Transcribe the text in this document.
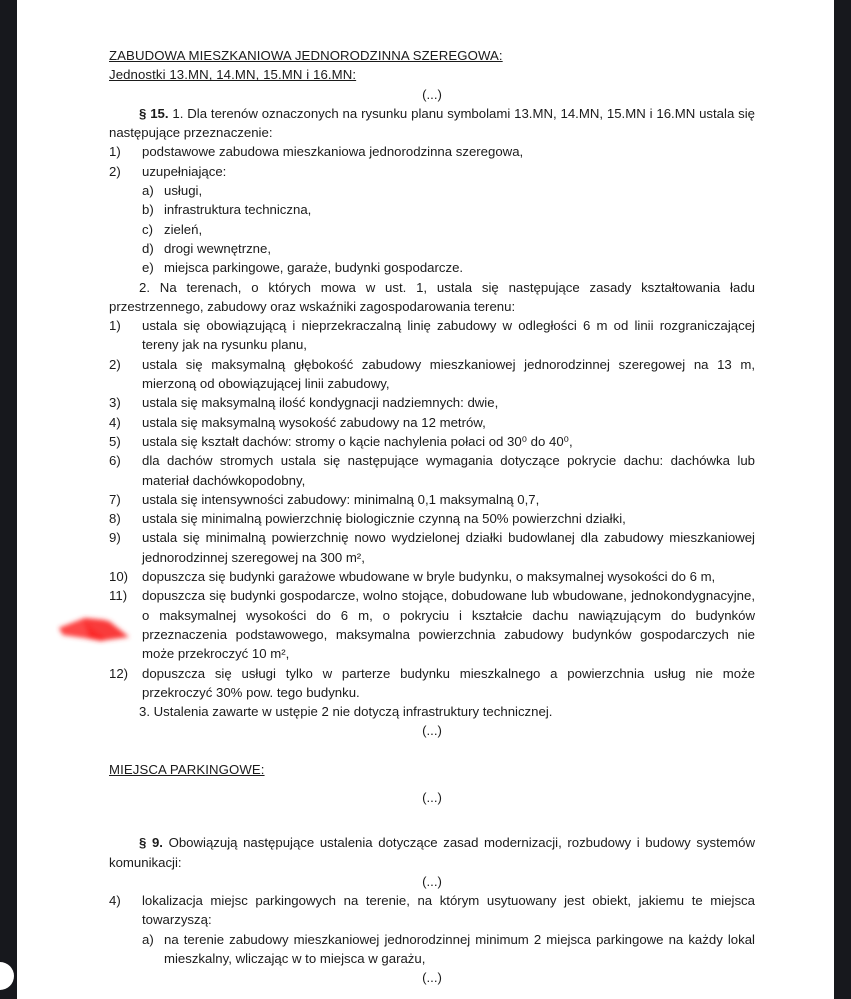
ZABUDOWA MIESZKANIOWA JEDNORODZINNA SZEREGOWA:
Jednostki 13.MN, 14.MN, 15.MN i 16.MN:
(...)
§ 15. 1. Dla terenów oznaczonych na rysunku planu symbolami 13.MN, 14.MN, 15.MN i 16.MN ustala się następujące przeznaczenie:
1)	podstawowe zabudowa mieszkaniowa jednorodzinna szeregowa,
2)	uzupełniające:
a) usługi,
b) infrastruktura techniczna,
c) zieleń,
d) drogi wewnętrzne,
e) miejsca parkingowe, garaże, budynki gospodarcze.
2. Na terenach, o których mowa w ust. 1, ustala się następujące zasady kształtowania ładu przestrzennego, zabudowy oraz wskaźniki zagospodarowania terenu:
1)	ustala się obowiązującą i nieprzekraczalną linię zabudowy w odległości 6 m od linii rozgraniczającej tereny jak na rysunku planu,
2)	ustala się maksymalną głębokość zabudowy mieszkaniowej jednorodzinnej szeregowej na 13 m, mierzoną od obowiązującej linii zabudowy,
3)	ustala się maksymalną ilość kondygnacji nadziemnych: dwie,
4)	ustala się maksymalną wysokość zabudowy na 12 metrów,
5)	ustala się kształt dachów: stromy o kącie nachylenia połaci od 30⁰ do 40⁰,
6)	dla dachów stromych ustala się następujące wymagania dotyczące pokrycie dachu: dachówka lub materiał dachówkopodobny,
7)	ustala się intensywności zabudowy: minimalną 0,1 maksymalną 0,7,
8)	ustala się minimalną powierzchnię biologicznie czynną na 50% powierzchni działki,
9)	ustala się minimalną powierzchnię nowo wydzielonej działki budowlanej dla zabudowy mieszkaniowej jednorodzinnej szeregowej na 300 m²,
10)	dopuszcza się budynki garażowe wbudowane w bryle budynku, o maksymalnej wysokości do 6 m,
11)	dopuszcza się budynki gospodarcze, wolno stojące, dobudowane lub wbudowane, jednokondygnacyjne, o maksymalnej wysokości do 6 m, o pokryciu i kształcie dachu nawiązującym do budynków przeznaczenia podstawowego, maksymalna powierzchnia zabudowy budynków gospodarczych nie może przekroczyć 10 m²,
12)	dopuszcza się usługi tylko w parterze budynku mieszkalnego a powierzchnia usług nie może przekroczyć 30% pow. tego budynku.
3. Ustalenia zawarte w ustępie 2 nie dotyczą infrastruktury technicznej.
(...)
MIEJSCA PARKINGOWE:
(...)
§ 9. Obowiązują następujące ustalenia dotyczące zasad modernizacji, rozbudowy i budowy systemów komunikacji:
(...)
4)	lokalizacja miejsc parkingowych na terenie, na którym usytuowany jest obiekt, jakiemu te miejsca towarzyszą:
a) na terenie zabudowy mieszkaniowej jednorodzinnej minimum 2 miejsca parkingowe na każdy lokal mieszkalny, wliczając w to miejsca w garażu,
(...)
